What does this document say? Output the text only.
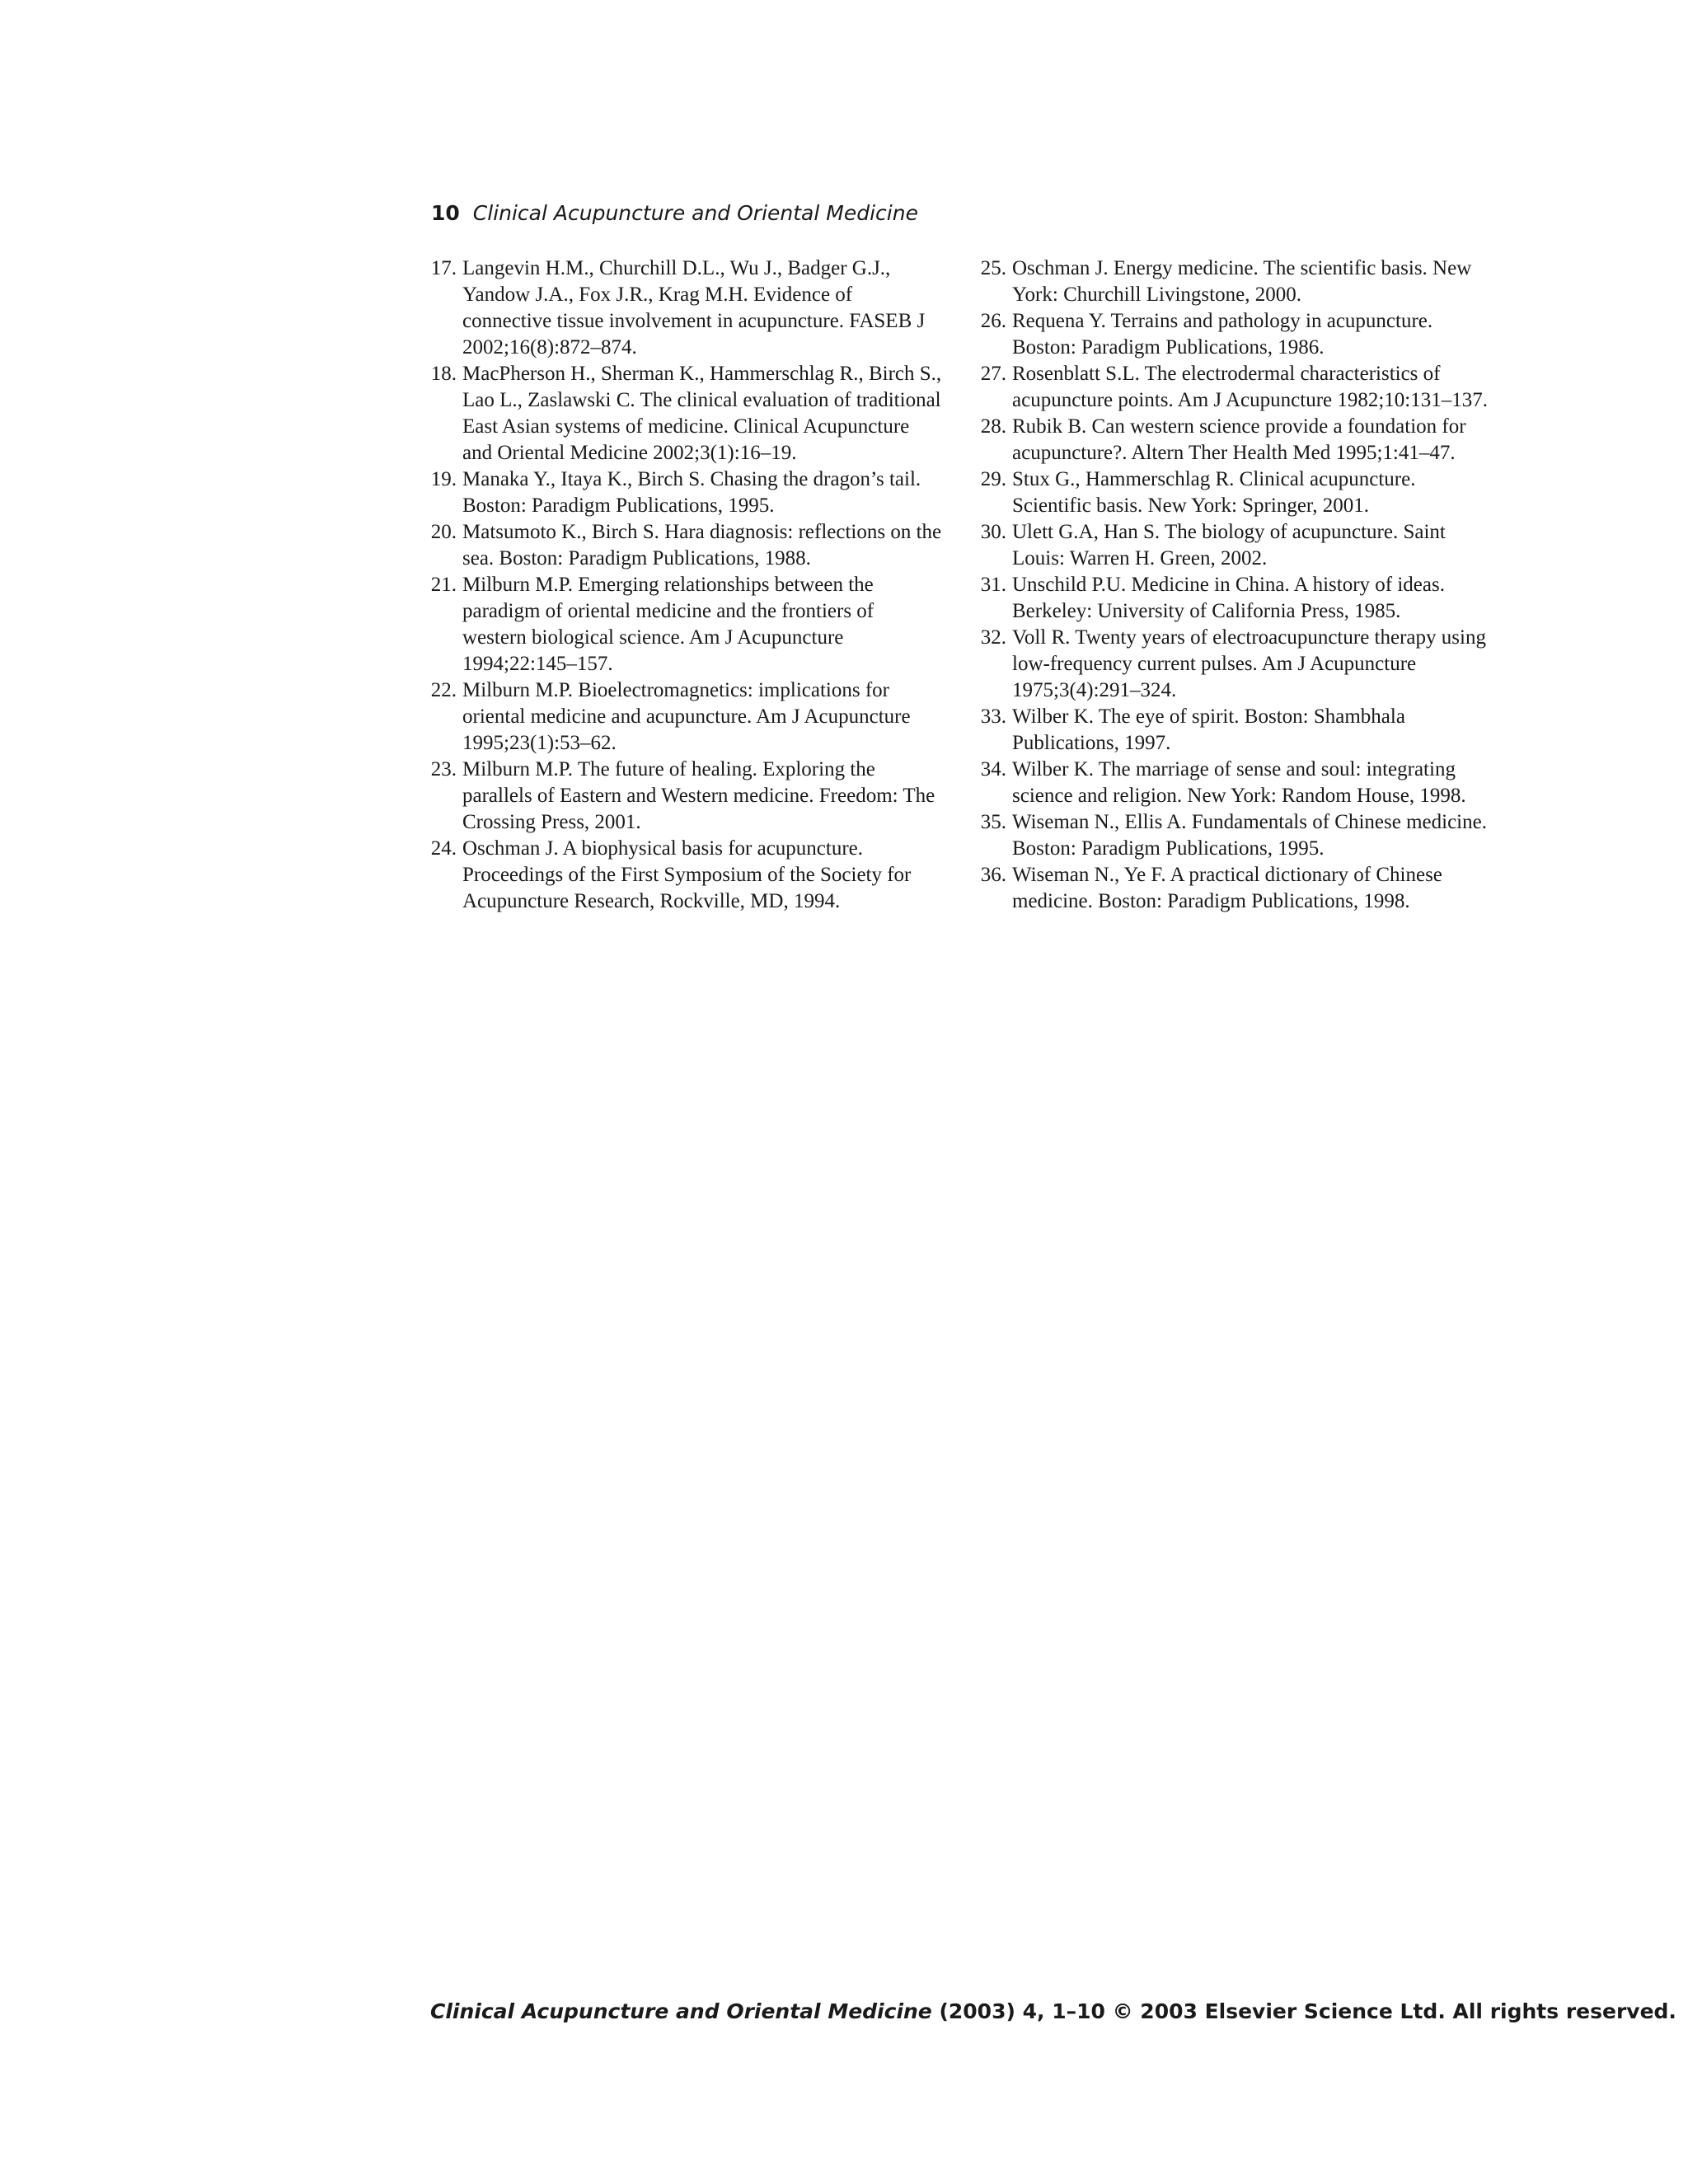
10 Clinical Acupuncture and Oriental Medicine
17. Langevin H.M., Churchill D.L., Wu J., Badger G.J.,
Yandow J.A., Fox J.R., Krag M.H. Evidence of
connective tissue involvement in acupuncture. FASEB J
2002;16(8):872–874.
18. MacPherson H., Sherman K., Hammerschlag R., Birch S.,
Lao L., Zaslawski C. The clinical evaluation of traditional
East Asian systems of medicine. Clinical Acupuncture
and Oriental Medicine 2002;3(1):16–19.
19. Manaka Y., Itaya K., Birch S. Chasing the dragon’s tail.
Boston: Paradigm Publications, 1995.
20. Matsumoto K., Birch S. Hara diagnosis: reflections on the
sea. Boston: Paradigm Publications, 1988.
21. Milburn M.P. Emerging relationships between the
paradigm of oriental medicine and the frontiers of
western biological science. Am J Acupuncture
1994;22:145–157.
22. Milburn M.P. Bioelectromagnetics: implications for
oriental medicine and acupuncture. Am J Acupuncture
1995;23(1):53–62.
23. Milburn M.P. The future of healing. Exploring the
parallels of Eastern and Western medicine. Freedom: The
Crossing Press, 2001.
24. Oschman J. A biophysical basis for acupuncture.
Proceedings of the First Symposium of the Society for
Acupuncture Research, Rockville, MD, 1994.
25. Oschman J. Energy medicine. The scientific basis. New
York: Churchill Livingstone, 2000.
26. Requena Y. Terrains and pathology in acupuncture.
Boston: Paradigm Publications, 1986.
27. Rosenblatt S.L. The electrodermal characteristics of
acupuncture points. Am J Acupuncture 1982;10:131–137.
28. Rubik B. Can western science provide a foundation for
acupuncture?. Altern Ther Health Med 1995;1:41–47.
29. Stux G., Hammerschlag R. Clinical acupuncture.
Scientific basis. New York: Springer, 2001.
30. Ulett G.A, Han S. The biology of acupuncture. Saint
Louis: Warren H. Green, 2002.
31. Unschild P.U. Medicine in China. A history of ideas.
Berkeley: University of California Press, 1985.
32. Voll R. Twenty years of electroacupuncture therapy using
low-frequency current pulses. Am J Acupuncture
1975;3(4):291–324.
33. Wilber K. The eye of spirit. Boston: Shambhala
Publications, 1997.
34. Wilber K. The marriage of sense and soul: integrating
science and religion. New York: Random House, 1998.
35. Wiseman N., Ellis A. Fundamentals of Chinese medicine.
Boston: Paradigm Publications, 1995.
36. Wiseman N., Ye F. A practical dictionary of Chinese
medicine. Boston: Paradigm Publications, 1998.
Clinical Acupuncture and Oriental Medicine (2003) 4, 1–10 © 2003 Elsevier Science Ltd. All rights reserved.
